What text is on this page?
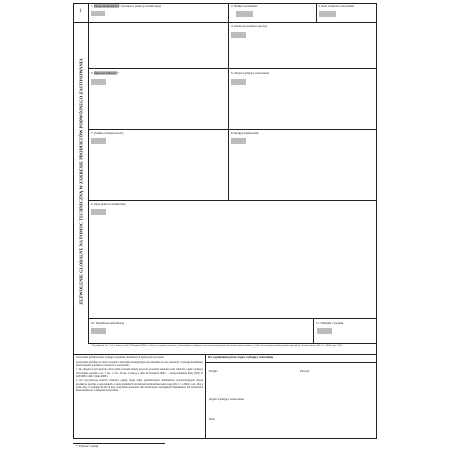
1
ZEZWOLENIE GLOBALNE NA POMOC TECHNICZNĄ W ZAKRESIE PRODUKTÓW PODWÓJNEGO ZASTOSOWANIA
1. Eksporter/Dostawca* (dostawca pomocy technicznej)	2. Numer zezwolenia	3. Data ważności zezwolenia
4. Osoba prowadząca sprawę
5. Importer/Odbiorca*	6. Organ wydający zezwolenie
7. Podmiot (miejscowość)	8. Kraj(e) użytkownik
9. Opis pomocy technicznej
10. Dodatkowe informacje	11. Warunki i wydatki
Na podstawie art. 7 ust. 1 ustawy z dnia 29 listopada 2000 r. o obrocie z zagranicą towarami, technologiami i usługami o znaczeniu strategicznym dla bezpieczeństwa państwa, a także dla utrzymania międzynarodowego pokoju i bezpieczeństwa (Dz. U. z 2004 r. poz. 194)
Zezwolenie globalne może wymagać uzyskania dodatkowych zgód przed wywozem.
Zezwolenie globalne na obrót towarami o znaczeniu strategicznym jest udzielane na czas określony i wymaga dokładnego przestrzegania warunków zawartych w zezwoleniu.
1. Do eksportu (wywozu) lub obrotu tymi towarami należy stosować procedury ustalone przez właściwy organ wydający zezwolenie, zgodnie z art. 7 ust. 1 i art. 20 ust. 2 ustawy z dnia 29 listopada 2000 r. – Rozporządzenie Rady (WE) nr 428/2009 z dnia 5 maja 2009 r.
2. Do wyrywkowej kontroli właściwe organy mogą żądać przedstawienia dokumentów potwierdzających użycie produktów zgodnie z zezwoleniem, a także pisemnych oświadczeń użytkownika końcowego (Dz. U. z 2004 r. poz. 194, z późn. zm.), w terminie 30 dni od daty otrzymania wezwania. Nie dostarczenie wymaganych dokumentów lub oświadczeń może skutkować cofnięciem zezwolenia.
Do wypełnienia przez organ wydający zezwolenie
Podpis	Pieczęć
Organ wydający zezwolenie
Data
* Wybrać rodzaj
